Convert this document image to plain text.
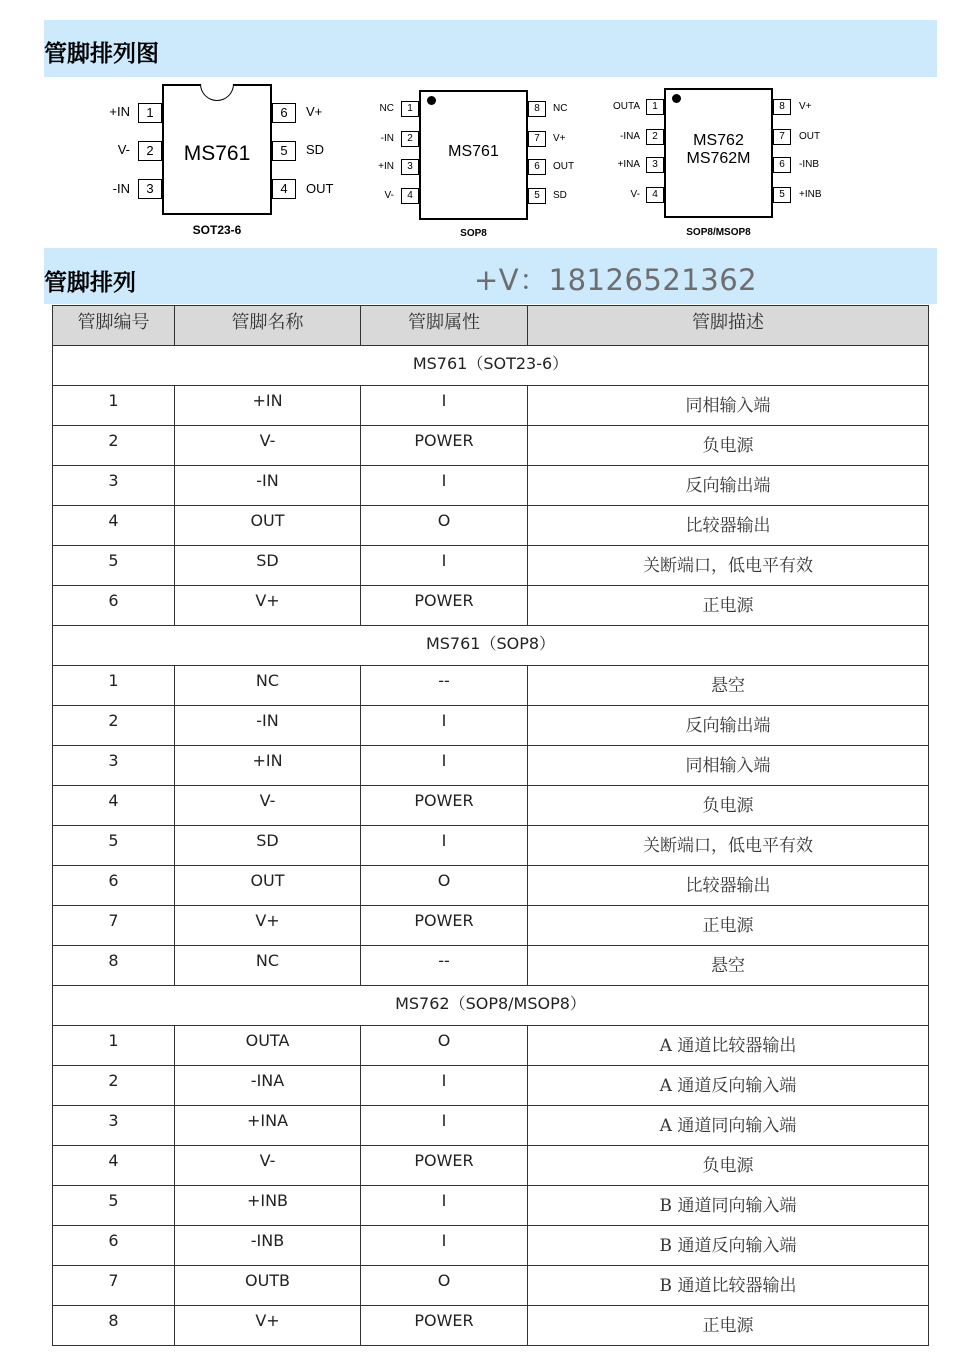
管脚排列图
MS761
+IN	1
V-	2
-IN	3
6	V+
5	SD
4	OUT
SOT23-6
MS761
NC	1
-IN	2
+IN	3
V-	4
8	NC
7	V+
6	OUT
5	SD
SOP8
MS762
MS762M
OUTA	1
-INA	2
+INA	3
V-	4
8	V+
7	OUT
6	-INB
5	+INB
SOP8/MSOP8
管脚排列	+V：18126521362
管脚编号	管脚名称	管脚属性	管脚描述
MS761（SOT23-6）			
1	+IN	I	同相输入端
2	V-	POWER	负电源
3	-IN	I	反向输出端
4	OUT	O	比较器输出
5	SD	I	关断端口，低电平有效
6	V+	POWER	正电源
MS761（SOP8）			
1	NC	--	悬空
2	-IN	I	反向输出端
3	+IN	I	同相输入端
4	V-	POWER	负电源
5	SD	I	关断端口，低电平有效
6	OUT	O	比较器输出
7	V+	POWER	正电源
8	NC	--	悬空
MS762（SOP8/MSOP8）			
1	OUTA	O	A 通道比较器输出
2	-INA	I	A 通道反向输入端
3	+INA	I	A 通道同向输入端
4	V-	POWER	负电源
5	+INB	I	B 通道同向输入端
6	-INB	I	B 通道反向输入端
7	OUTB	O	B 通道比较器输出
8	V+	POWER	正电源
